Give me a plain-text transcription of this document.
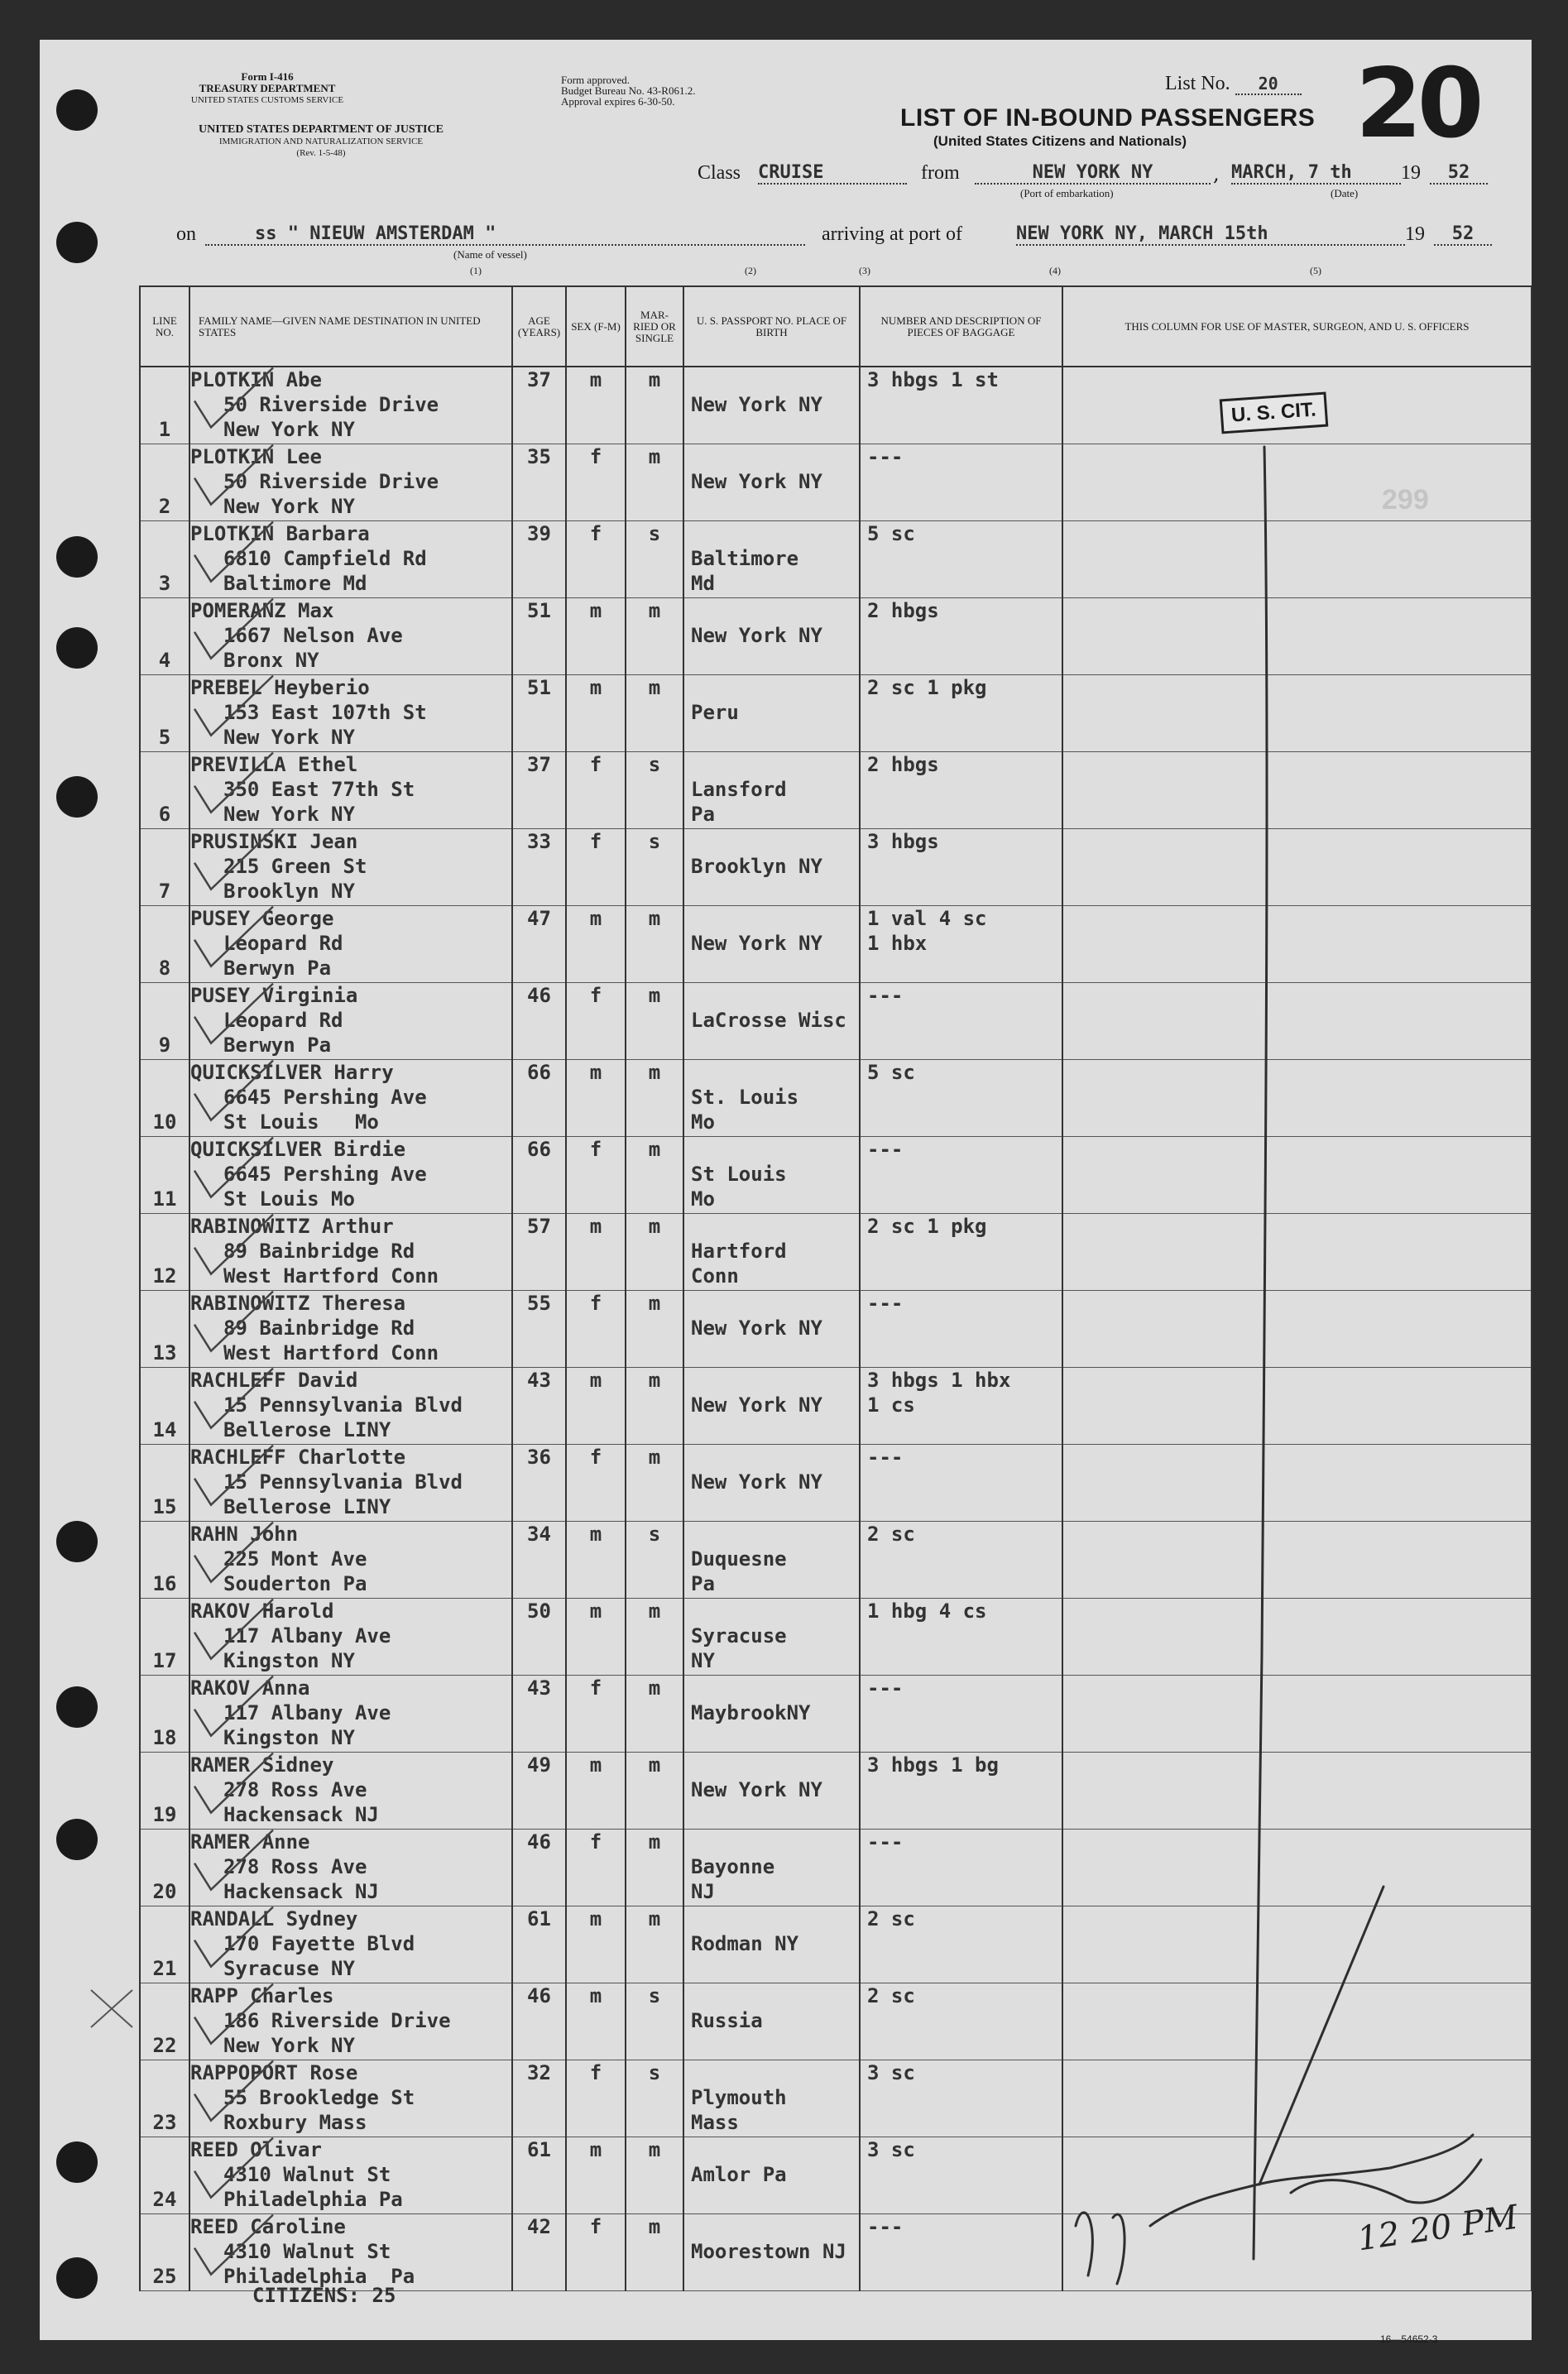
Form I-416
TREASURY DEPARTMENT
UNITED STATES CUSTOMS SERVICE
UNITED STATES DEPARTMENT OF JUSTICE
IMMIGRATION AND NATURALIZATION SERVICE
(Rev. 1-5-48)
Form approved.
Budget Bureau No. 43-R061.2.
Approval expires 6-30-50.
List No. 20 20
LIST OF IN-BOUND PASSENGERS
(United States Citizens and Nationals)
Class CRUISE	from	NEW YORK NY
(Port of embarkation)
, MARCH, 7 th	19	52
(Date)
on	ss " NIEUW AMSTERDAM "
(Name of vessel)
(1)
arriving at port of	NEW YORK NY, MARCH 15th	19	52
(2)	(3)	(4)	(5)
LINE NO.	FAMILY NAME—GIVEN NAME DESTINATION IN UNITED STATES	AGE (YEARS)	SEX (F-M)	MAR- RIED OR SINGLE	U. S. PASSPORT NO. PLACE OF BIRTH	NUMBER AND DESCRIPTION OF PIECES OF BAGGAGE	THIS COLUMN FOR USE OF MASTER, SURGEON, AND U. S. OFFICERS

1	PLOTKIN Abe
50 Riverside Drive
New York NY	37	m	m	New York NY	3 hbgs 1 st	

2	PLOTKIN Lee
50 Riverside Drive
New York NY	35	f	m	New York NY	---	

3	PLOTKIN Barbara
6810 Campfield Rd
Baltimore Md	39	f	s	Baltimore
Md	5 sc	

4	POMERANZ Max
1667 Nelson Ave
Bronx NY	51	m	m	New York NY	2 hbgs	

5	PREBEL Heyberio
153 East 107th St
New York NY	51	m	m	Peru	2 sc 1 pkg	

6	PREVILLA Ethel
350 East 77th St
New York NY	37	f	s	Lansford
Pa	2 hbgs	

7	PRUSINSKI Jean
215 Green St
Brooklyn NY	33	f	s	Brooklyn NY	3 hbgs	

8	PUSEY George
Leopard Rd
Berwyn Pa	47	m	m	New York NY	1 val 4 sc
1 hbx	

9	PUSEY Virginia
Leopard Rd
Berwyn Pa	46	f	m	LaCrosse Wisc	---	

10	QUICKSILVER Harry
6645 Pershing Ave
St Louis   Mo	66	m	m	St. Louis
Mo	5 sc	

11	QUICKSILVER Birdie
6645 Pershing Ave
St Louis Mo	66	f	m	St Louis
Mo	---	

12	RABINOWITZ Arthur
89 Bainbridge Rd
West Hartford Conn	57	m	m	Hartford
Conn	2 sc 1 pkg	

13	RABINOWITZ Theresa
89 Bainbridge Rd
West Hartford Conn	55	f	m	New York NY	---	

14	RACHLEFF David
15 Pennsylvania Blvd
Bellerose LINY	43	m	m	New York NY	3 hbgs 1 hbx
1 cs	

15	RACHLEFF Charlotte
15 Pennsylvania Blvd
Bellerose LINY	36	f	m	New York NY	---	

16	RAHN John
225 Mont Ave
Souderton Pa	34	m	s	Duquesne
Pa	2 sc	

17	RAKOV Harold
117 Albany Ave
Kingston NY	50	m	m	Syracuse
NY	1 hbg 4 cs	

18	RAKOV Anna
117 Albany Ave
Kingston NY	43	f	m	MaybrookNY	---	

19	RAMER Sidney
278 Ross Ave
Hackensack NJ	49	m	m	New York NY	3 hbgs 1 bg	

20	RAMER Anne
278 Ross Ave
Hackensack NJ	46	f	m	Bayonne
NJ	---	

21	RANDALL Sydney
170 Fayette Blvd
Syracuse NY	61	m	m	Rodman NY	2 sc	

22	RAPP Charles
186 Riverside Drive
New York NY	46	m	s	Russia	2 sc	

23	RAPPOPORT Rose
55 Brookledge St
Roxbury Mass	32	f	s	Plymouth
Mass	3 sc	

24	REED Olivar
4310 Walnut St
Philadelphia Pa	61	m	m	Amlor Pa	3 sc	

25	REED Caroline
4310 Walnut St
Philadelphia  Pa	42	f	m	Moorestown NJ	---	

U. S. CIT.
299
12 20 PM
CITIZENS: 25
16—54652-3
